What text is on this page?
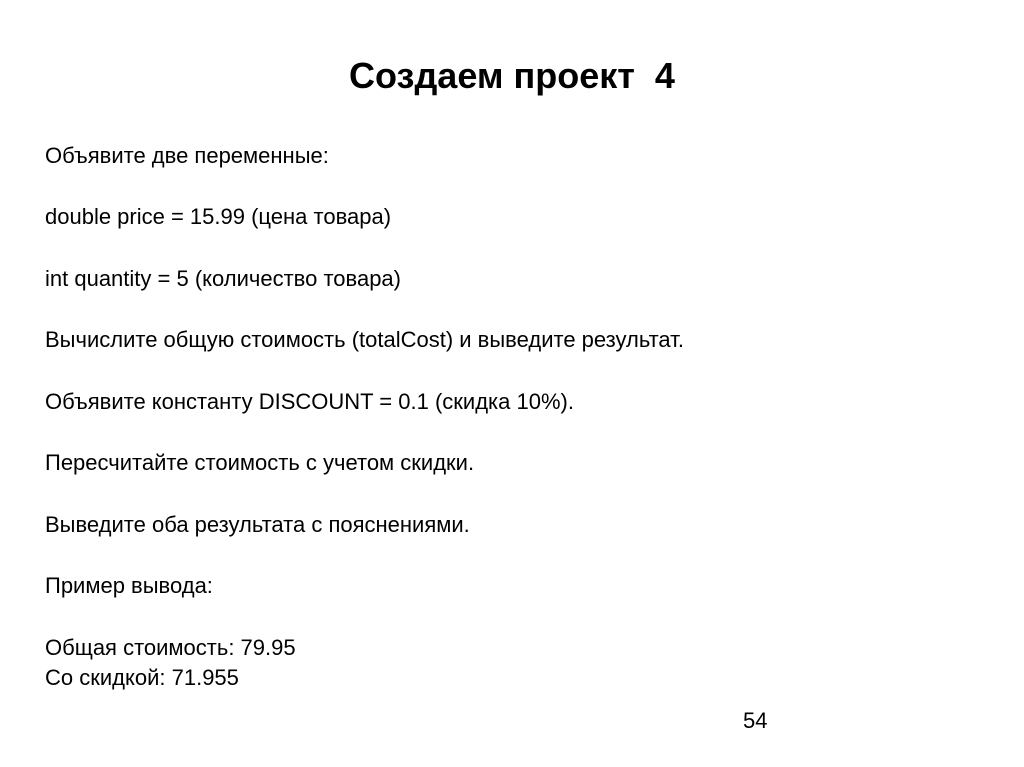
Создаем проект  4

Объявите две переменные:

double price = 15.99 (цена товара)

int quantity = 5 (количество товара)

Вычислите общую стоимость (totalCost) и выведите результат.

Объявите константу DISCOUNT = 0.1 (скидка 10%).

Пересчитайте стоимость с учетом скидки.

Выведите оба результата с пояснениями.

Пример вывода:

Общая стоимость: 79.95

Со скидкой: 71.955

54
